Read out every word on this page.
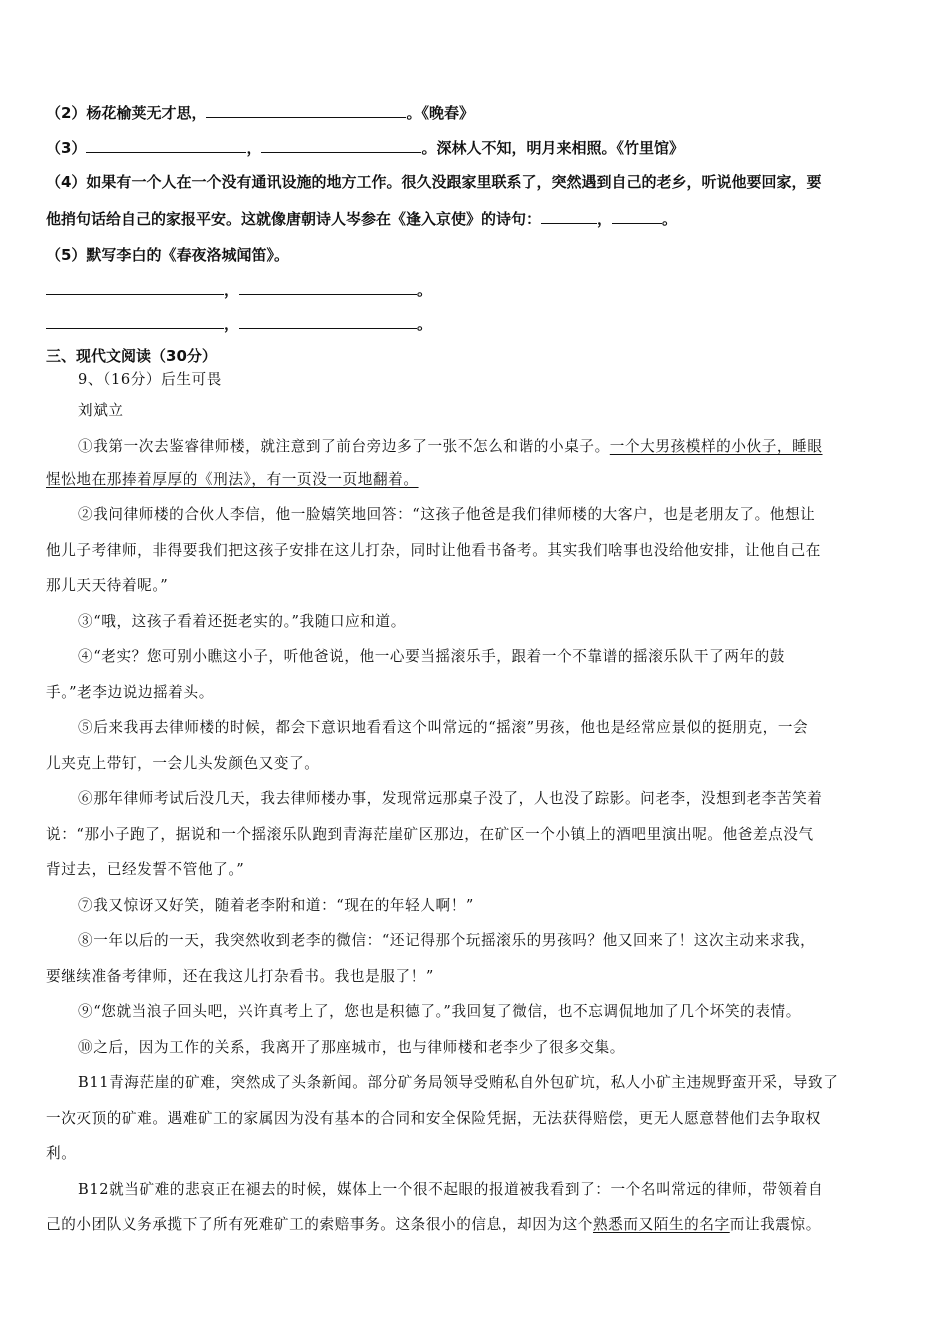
（2）杨花榆荚无才思，	。《晚春》
（3）	，	。深林人不知，明月来相照。《竹里馆》
（4）如果有一个人在一个没有通讯设施的地方工作。很久没跟家里联系了，突然遇到自己的老乡，听说他要回家，要
他捎句话给自己的家报平安。这就像唐朝诗人岑参在《逢入京使》的诗句：	，	。
（5）默写李白的《春夜洛城闻笛》。
，	。
，	。
三、现代文阅读（30分）
9、（16分）后生可畏
刘斌立
①我第一次去鉴睿律师楼，就注意到了前台旁边多了一张不怎么和谐的小桌子。一个大男孩模样的小伙子，睡眼
惺忪地在那捧着厚厚的《刑法》，有一页没一页地翻着。
②我问律师楼的合伙人李信，他一脸嬉笑地回答：“这孩子他爸是我们律师楼的大客户，也是老朋友了。他想让
他儿子考律师，非得要我们把这孩子安排在这儿打杂，同时让他看书备考。其实我们啥事也没给他安排，让他自己在
那儿天天待着呢。”
③“哦，这孩子看着还挺老实的。”我随口应和道。
④“老实？您可别小瞧这小子，听他爸说，他一心要当摇滚乐手，跟着一个不靠谱的摇滚乐队干了两年的鼓
手。”老李边说边摇着头。
⑤后来我再去律师楼的时候，都会下意识地看看这个叫常远的“摇滚”男孩，他也是经常应景似的挺朋克，一会
儿夹克上带钉，一会儿头发颜色又变了。
⑥那年律师考试后没几天，我去律师楼办事，发现常远那桌子没了，人也没了踪影。问老李，没想到老李苦笑着
说：“那小子跑了，据说和一个摇滚乐队跑到青海茫崖矿区那边，在矿区一个小镇上的酒吧里演出呢。他爸差点没气
背过去，已经发誓不管他了。”
⑦我又惊讶又好笑，随着老李附和道：“现在的年轻人啊！”
⑧一年以后的一天，我突然收到老李的微信：“还记得那个玩摇滚乐的男孩吗？他又回来了！这次主动来求我，
要继续准备考律师，还在我这儿打杂看书。我也是服了！”
⑨“您就当浪子回头吧，兴许真考上了，您也是积德了。”我回复了微信，也不忘调侃地加了几个坏笑的表情。
⑩之后，因为工作的关系，我离开了那座城市，也与律师楼和老李少了很多交集。
B11青海茫崖的矿难，突然成了头条新闻。部分矿务局领导受贿私自外包矿坑，私人小矿主违规野蛮开采，导致了
一次灭顶的矿难。遇难矿工的家属因为没有基本的合同和安全保险凭据，无法获得赔偿，更无人愿意替他们去争取权
利。
B12就当矿难的悲哀正在褪去的时候，媒体上一个很不起眼的报道被我看到了：一个名叫常远的律师，带领着自
己的小团队义务承揽下了所有死难矿工的索赔事务。这条很小的信息，却因为这个熟悉而又陌生的名字而让我震惊。
